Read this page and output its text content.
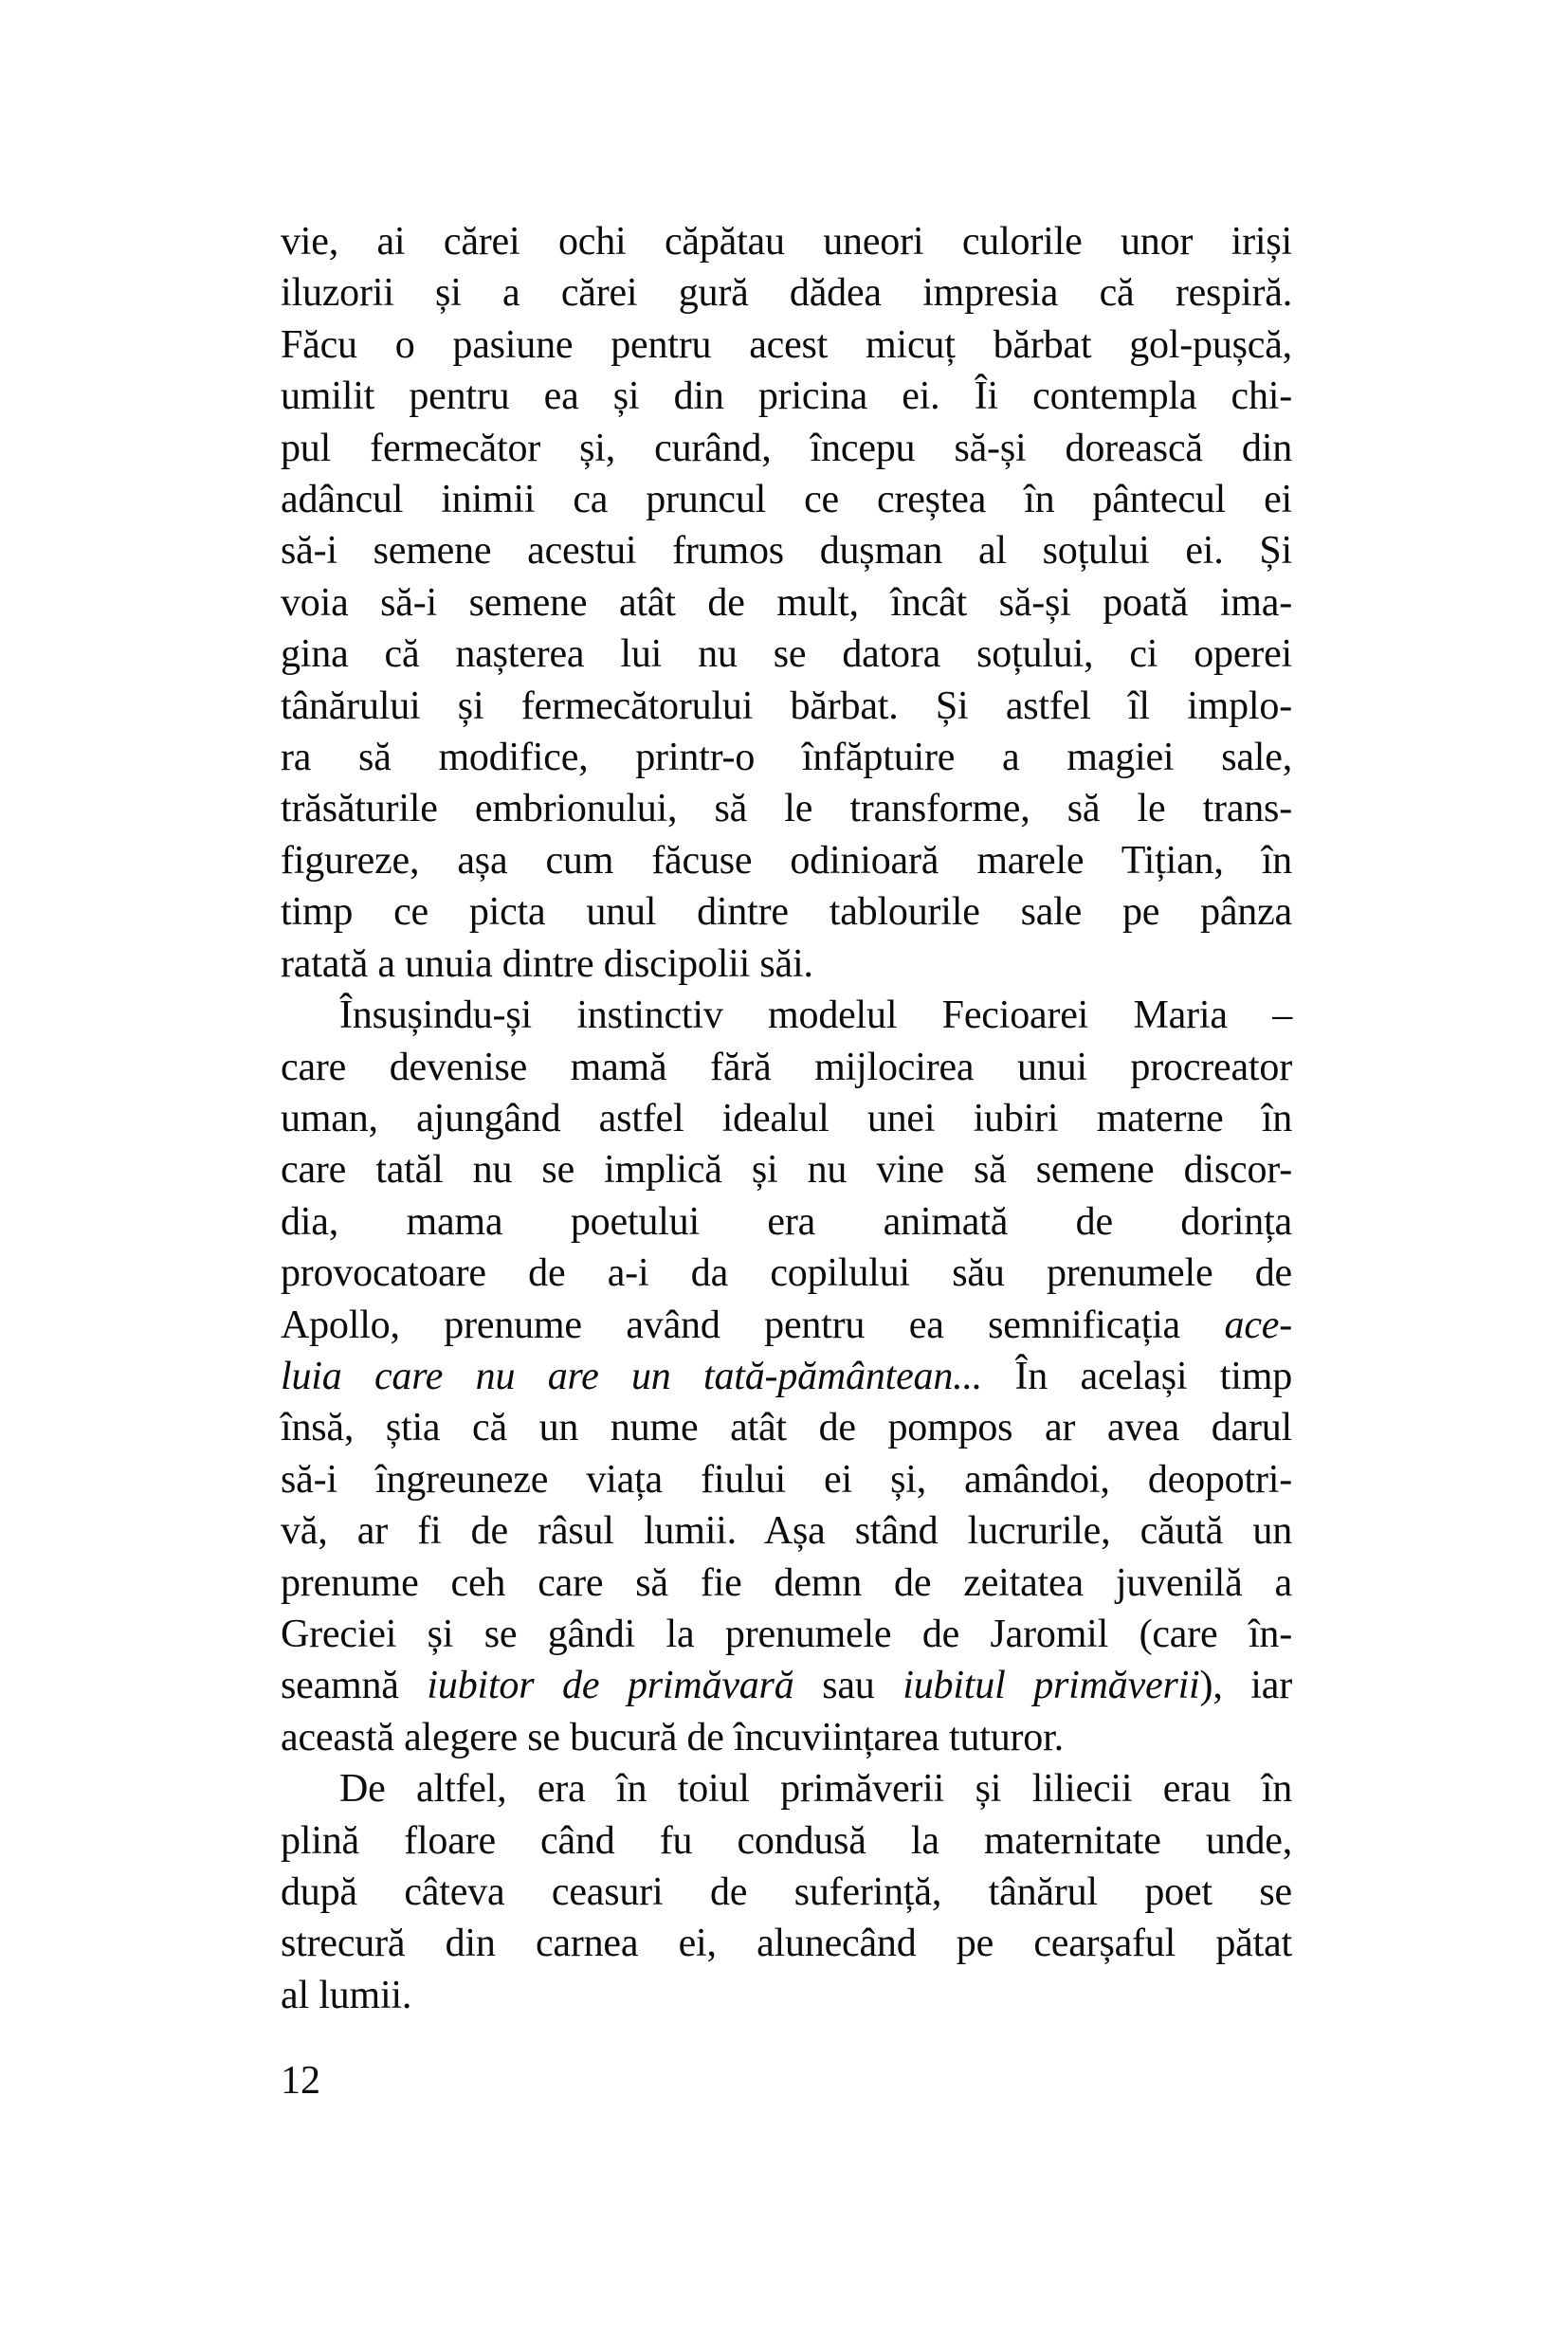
vie, ai cărei ochi căpătau uneori culorile unor iriși
iluzorii și a cărei gură dădea impresia că respiră.
Făcu o pasiune pentru acest micuț bărbat gol-pușcă,
umilit pentru ea și din pricina ei. Îi contempla chi-
pul fermecător și, curând, începu să-și dorească din
adâncul inimii ca pruncul ce creștea în pântecul ei
să-i semene acestui frumos dușman al soțului ei. Și
voia să-i semene atât de mult, încât să-și poată ima-
gina că nașterea lui nu se datora soțului, ci operei
tânărului și fermecătorului bărbat. Și astfel îl implo-
ra să modifice, printr-o înfăptuire a magiei sale,
trăsăturile embrionului, să le transforme, să le trans-
figureze, așa cum făcuse odinioară marele Tițian, în
timp ce picta unul dintre tablourile sale pe pânza
ratată a unuia dintre discipolii săi.
Însușindu-și instinctiv modelul Fecioarei Maria –
care devenise mamă fără mijlocirea unui procreator
uman, ajungând astfel idealul unei iubiri materne în
care tatăl nu se implică și nu vine să semene discor-
dia, mama poetului era animată de dorința
provocatoare de a-i da copilului său prenumele de
Apollo, prenume având pentru ea semnificația ace-
luia care nu are un tată-pământean... În același timp
însă, știa că un nume atât de pompos ar avea darul
să-i îngreuneze viața fiului ei și, amândoi, deopotri-
vă, ar fi de râsul lumii. Așa stând lucrurile, căută un
prenume ceh care să fie demn de zeitatea juvenilă a
Greciei și se gândi la prenumele de Jaromil (care în-
seamnă iubitor de primăvară sau iubitul primăverii), iar
această alegere se bucură de încuviințarea tuturor.
De altfel, era în toiul primăverii și liliecii erau în
plină floare când fu condusă la maternitate unde,
după câteva ceasuri de suferință, tânărul poet se
strecură din carnea ei, alunecând pe cearșaful pătat
al lumii.
12
